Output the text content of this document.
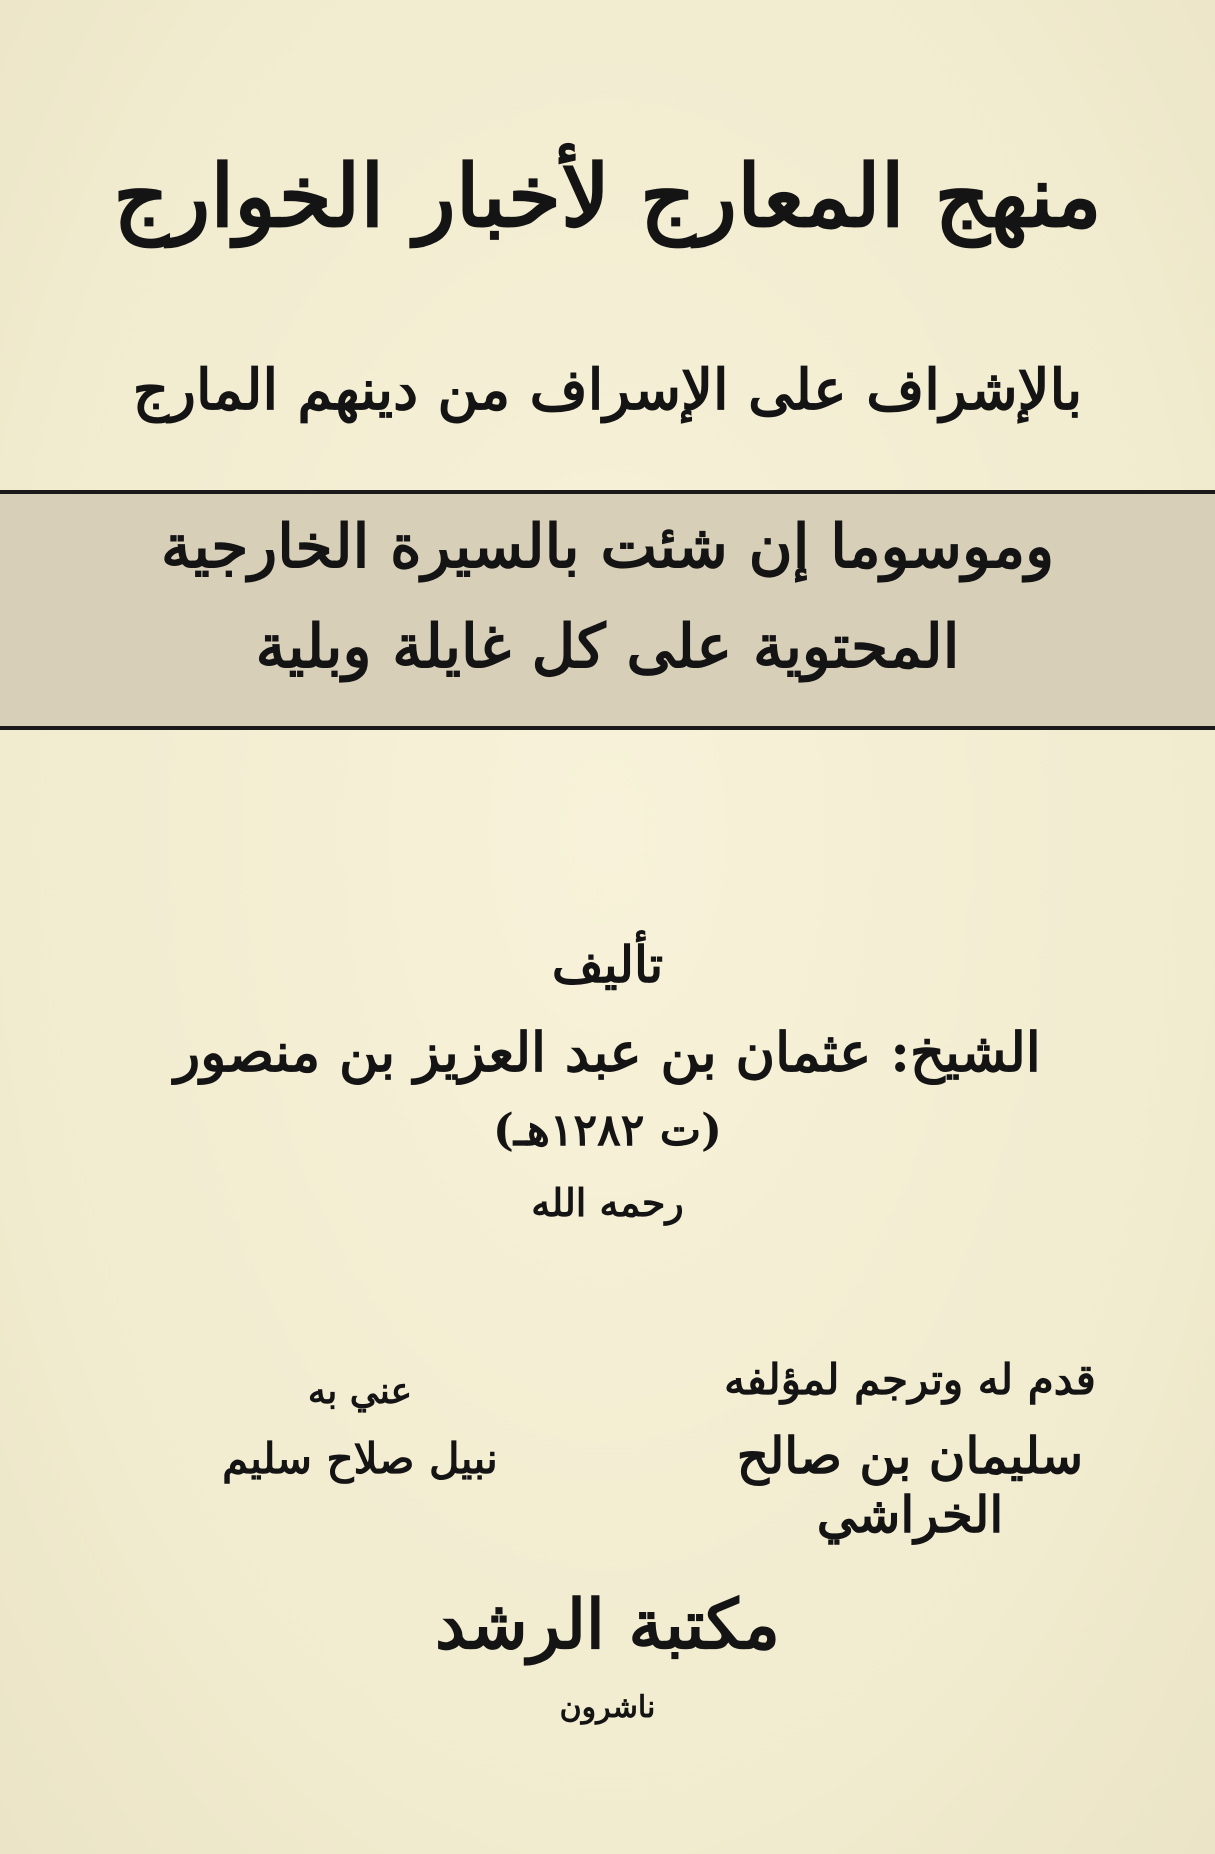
منهج المعارج لأخبار الخوارج
بالإشراف على الإسراف من دينهم المارج
وموسوما إن شئت بالسيرة الخارجية
المحتوية على كل غايلة وبلية
تأليف
الشيخ: عثمان بن عبد العزيز بن منصور
(ت ١٢٨٢هـ)
رحمه الله
قدم له وترجم لمؤلفه
سليمان بن صالح الخراشي
عني به
نبيل صلاح سليم
مكتبة الرشد
ناشرون
